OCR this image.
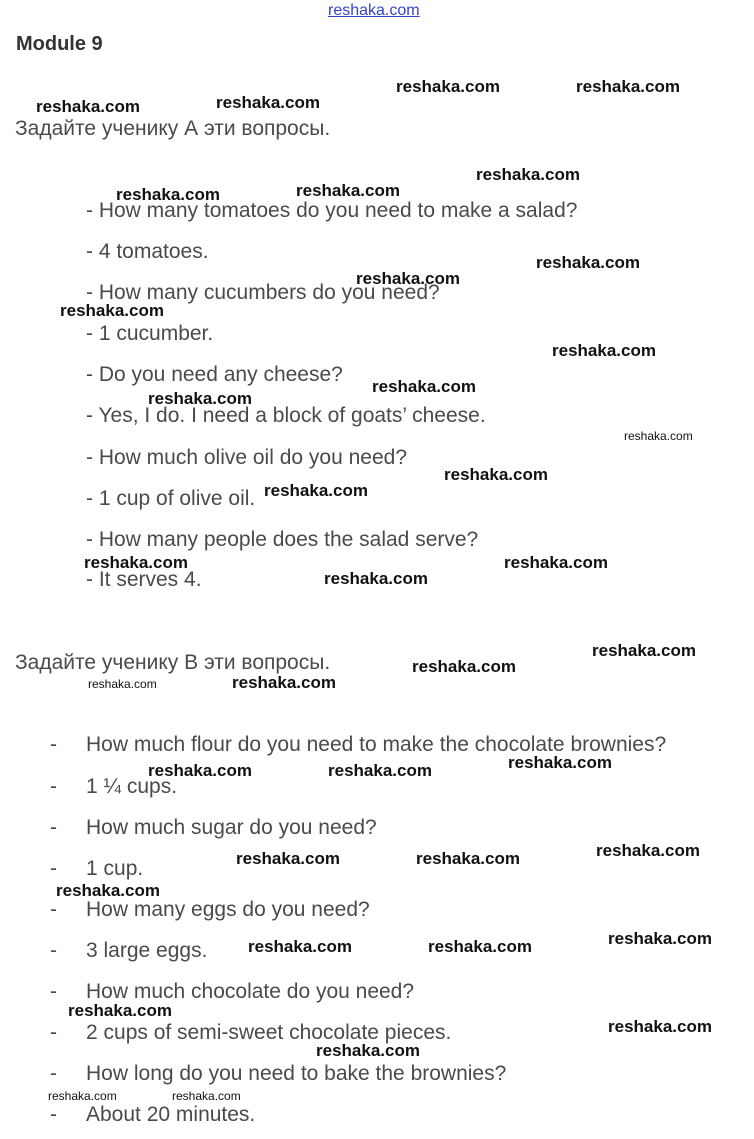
reshaka.com
Module 9
Задайте ученику А эти вопросы.
- How many tomatoes do you need to make a salad?
- 4 tomatoes.
- How many cucumbers do you need?
- 1 cucumber.
- Do you need any cheese?
- Yes, I do. I need a block of goats’ cheese.
- How much olive oil do you need?
- 1 cup of olive oil.
- How many people does the salad serve?
- It serves 4.
Задайте ученику В эти вопросы.
- How much flour do you need to make the chocolate brownies?
- 1 ¼ cups.
- How much sugar do you need?
- 1 cup.
- How many eggs do you need?
- 3 large eggs.
- How much chocolate do you need?
- 2 cups of semi-sweet chocolate pieces.
- How long do you need to bake the brownies?
- About 20 minutes.
reshaka.com	reshaka.com
reshaka.com	reshaka.com
reshaka.com
reshaka.com	reshaka.com
reshaka.com
reshaka.com
reshaka.com
reshaka.com
reshaka.com
reshaka.com
reshaka.com
reshaka.com
reshaka.com
reshaka.com	reshaka.com
reshaka.com
reshaka.com
reshaka.com
reshaka.com	reshaka.com
reshaka.com
reshaka.com	reshaka.com
reshaka.com
reshaka.com	reshaka.com
reshaka.com
reshaka.com
reshaka.com	reshaka.com
reshaka.com
reshaka.com
reshaka.com
reshaka.com	reshaka.com
